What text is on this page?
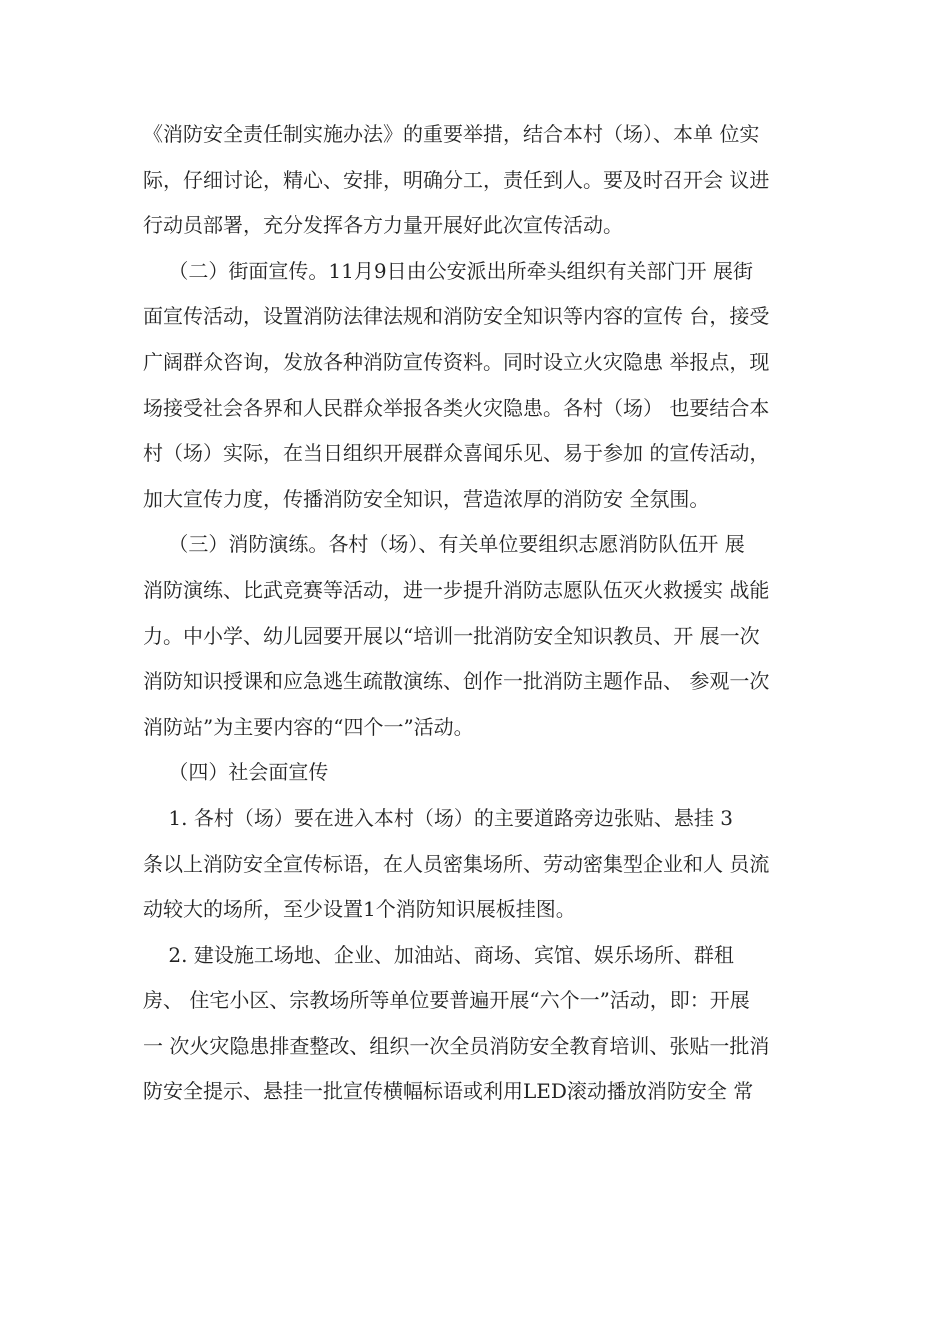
《消防安全责任制实施办法》的重要举措，结合本村（场）、本单 位实
际，仔细讨论，精心、安排，明确分工，责任到人。要及时召开会 议进
行动员部署，充分发挥各方力量开展好此次宣传活动。
（二）街面宣传。11月9日由公安派出所牵头组织有关部门开 展街
面宣传活动，设置消防法律法规和消防安全知识等内容的宣传 台，接受
广阔群众咨询，发放各种消防宣传资料。同时设立火灾隐患 举报点，现
场接受社会各界和人民群众举报各类火灾隐患。各村（场） 也要结合本
村（场）实际，在当日组织开展群众喜闻乐见、易于参加 的宣传活动，
加大宣传力度，传播消防安全知识，营造浓厚的消防安 全氛围。
（三）消防演练。各村（场）、有关单位要组织志愿消防队伍开 展
消防演练、比武竞赛等活动，进一步提升消防志愿队伍灭火救援实 战能
力。中小学、幼儿园要开展以“培训一批消防安全知识教员、开 展一次
消防知识授课和应急逃生疏散演练、创作一批消防主题作品、 参观一次
消防站”为主要内容的“四个一”活动。
（四）社会面宣传
1. 各村（场）要在进入本村（场）的主要道路旁边张贴、悬挂 3
条以上消防安全宣传标语，在人员密集场所、劳动密集型企业和人 员流
动较大的场所，至少设置1个消防知识展板挂图。
2. 建设施工场地、企业、加油站、商场、宾馆、娱乐场所、群租
房、 住宅小区、宗教场所等单位要普遍开展“六个一”活动，即：开展
一 次火灾隐患排查整改、组织一次全员消防安全教育培训、张贴一批消
防安全提示、悬挂一批宣传横幅标语或利用LED滚动播放消防安全 常
